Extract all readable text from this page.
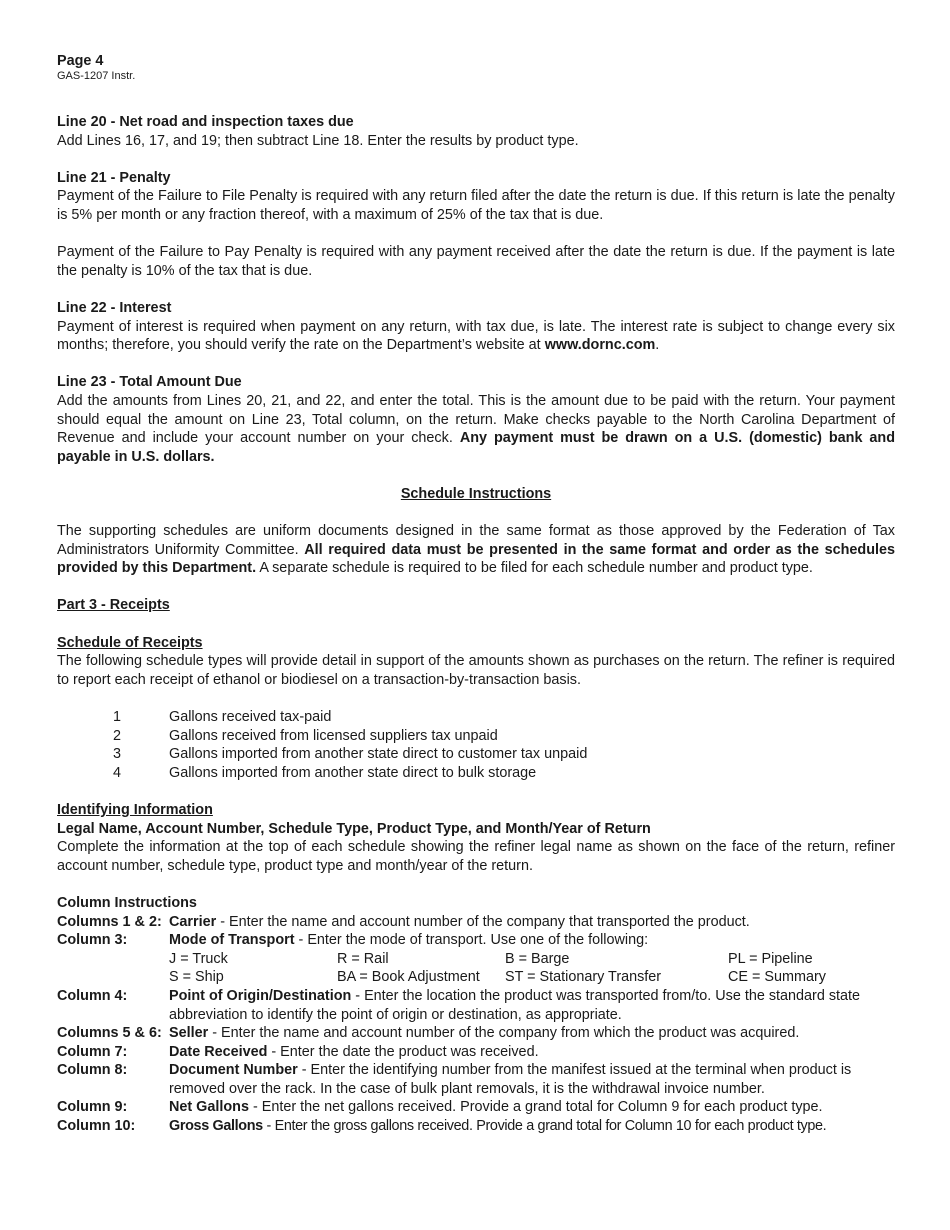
Page 4
GAS-1207 Instr.
Line 20 - Net road and inspection taxes due

Add Lines 16, 17, and 19; then subtract Line 18. Enter the results by product type.

Line 21 - Penalty

Payment of the Failure to File Penalty is required with any return filed after the date the return is due. If this return is late the penalty is 5% per month or any fraction thereof, with a maximum of 25% of the tax that is due.

Payment of the Failure to Pay Penalty is required with any payment received after the date the return is due. If the payment is late the penalty is 10% of the tax that is due.

Line 22 - Interest

Payment of interest is required when payment on any return, with tax due, is late. The interest rate is subject to change every six months; therefore, you should verify the rate on the Department’s website at www.dornc.com.

Line 23 - Total Amount Due

Add the amounts from Lines 20, 21, and 22, and enter the total. This is the amount due to be paid with the return. Your payment should equal the amount on Line 23, Total column, on the return. Make checks payable to the North Carolina Department of Revenue and include your account number on your check. Any payment must be drawn on a U.S. (domestic) bank and payable in U.S. dollars.

Schedule Instructions

The supporting schedules are uniform documents designed in the same format as those approved by the Federation of Tax Administrators Uniformity Committee. All required data must be presented in the same format and order as the schedules provided by this Department. A separate schedule is required to be filed for each schedule number and product type.

Part 3 - Receipts
Schedule of Receipts

The following schedule types will provide detail in support of the amounts shown as purchases on the return. The refiner is required to report each receipt of ethanol or biodiesel on a transaction-by-transaction basis.

1	Gallons received tax-paid
2	Gallons received from licensed suppliers tax unpaid
3	Gallons imported from another state direct to customer tax unpaid
4	Gallons imported from another state direct to bulk storage
Identifying Information
Legal Name, Account Number, Schedule Type, Product Type, and Month/Year of Return

Complete the information at the top of each schedule showing the refiner legal name as shown on the face of the return, refiner account number, schedule type, product type and month/year of the return.

Column Instructions
Columns 1 & 2: Carrier - Enter the name and account number of the company that transported the product.
Column 3:	Mode of Transport - Enter the mode of transport. Use one of the following:
J = Truck	R = Rail	B = Barge	PL = Pipeline
S = Ship	BA = Book Adjustment	ST = Stationary Transfer	CE = Summary
Column 4:	Point of Origin/Destination - Enter the location the product was transported from/to. Use the standard state abbreviation to identify the point of origin or destination, as appropriate.
Columns 5 & 6: Seller - Enter the name and account number of the company from which the product was acquired.
Column 7:	Date Received - Enter the date the product was received.
Column 8:	Document Number - Enter the identifying number from the manifest issued at the terminal when product is removed over the rack. In the case of bulk plant removals, it is the withdrawal invoice number.
Column 9:	Net Gallons - Enter the net gallons received. Provide a grand total for Column 9 for each product type.
Column 10:	Gross Gallons - Enter the gross gallons received. Provide a grand total for Column 10 for each product type.
